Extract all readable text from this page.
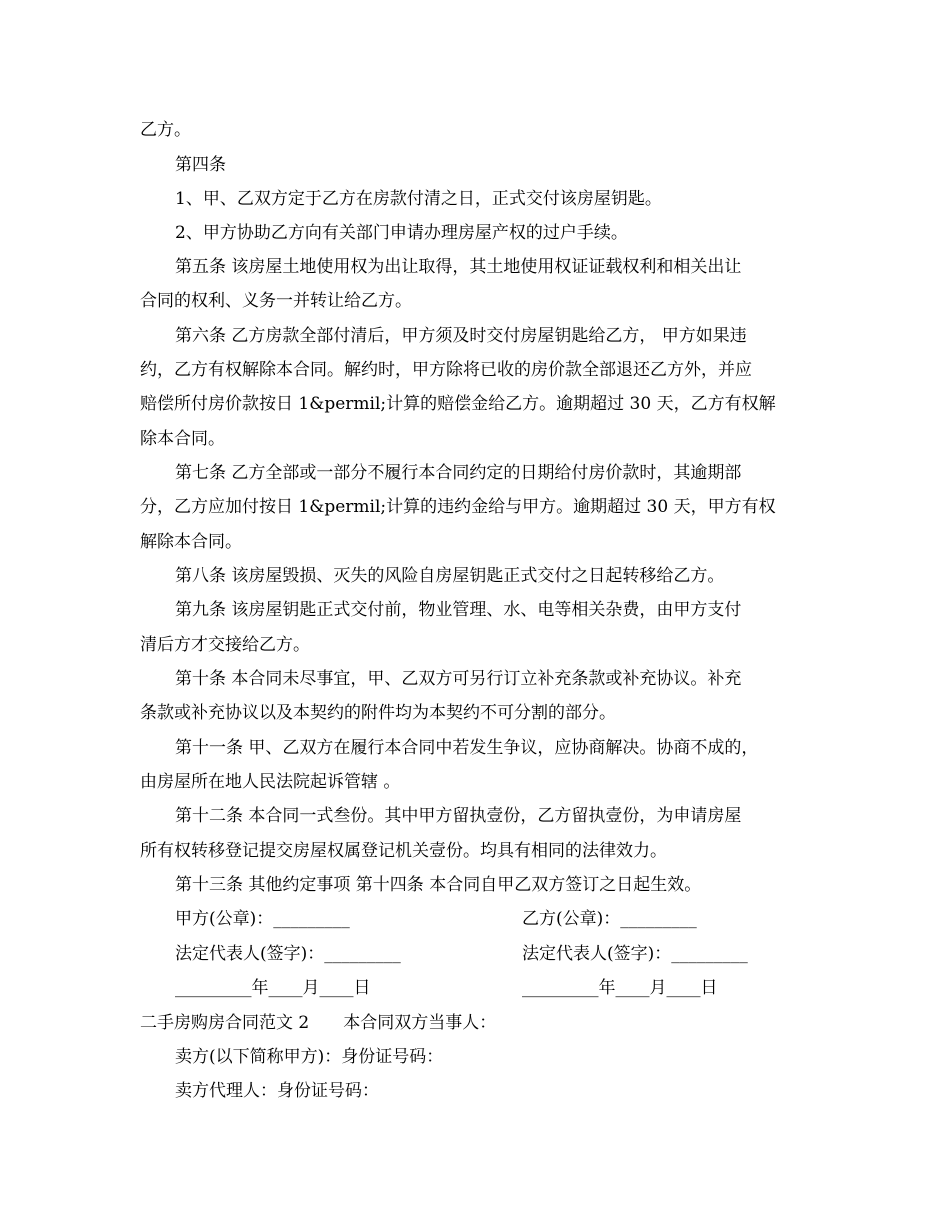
乙方。
第四条
1、甲、乙双方定于乙方在房款付清之日，正式交付该房屋钥匙。
2、甲方协助乙方向有关部门申请办理房屋产权的过户手续。
第五条 该房屋土地使用权为出让取得，其土地使用权证证载权利和相关出让
合同的权利、义务一并转让给乙方。
第六条 乙方房款全部付清后，甲方须及时交付房屋钥匙给乙方， 甲方如果违
约，乙方有权解除本合同。解约时，甲方除将已收的房价款全部退还乙方外，并应
赔偿所付房价款按日 1&permil;计算的赔偿金给乙方。逾期超过 30 天，乙方有权解
除本合同。
第七条 乙方全部或一部分不履行本合同约定的日期给付房价款时，其逾期部
分，乙方应加付按日 1&permil;计算的违约金给与甲方。逾期超过 30 天，甲方有权
解除本合同。
第八条 该房屋毁损、灭失的风险自房屋钥匙正式交付之日起转移给乙方。
第九条 该房屋钥匙正式交付前，物业管理、水、电等相关杂费，由甲方支付
清后方才交接给乙方。
第十条 本合同未尽事宜，甲、乙双方可另行订立补充条款或补充协议。补充
条款或补充协议以及本契约的附件均为本契约不可分割的部分。
第十一条 甲、乙双方在履行本合同中若发生争议，应协商解决。协商不成的，
由房屋所在地人民法院起诉管辖 。
第十二条 本合同一式叁份。其中甲方留执壹份，乙方留执壹份，为申请房屋
所有权转移登记提交房屋权属登记机关壹份。均具有相同的法律效力。
第十三条 其他约定事项 第十四条 本合同自甲乙双方签订之日起生效。
甲方(公章)：_________	乙方(公章)：_________
法定代表人(签字)：_________	法定代表人(签字)：_________
_________年____月____日	_________年____月____日
二手房购房合同范文 2　　本合同双方当事人：
卖方(以下简称甲方)：身份证号码：
卖方代理人：身份证号码：
